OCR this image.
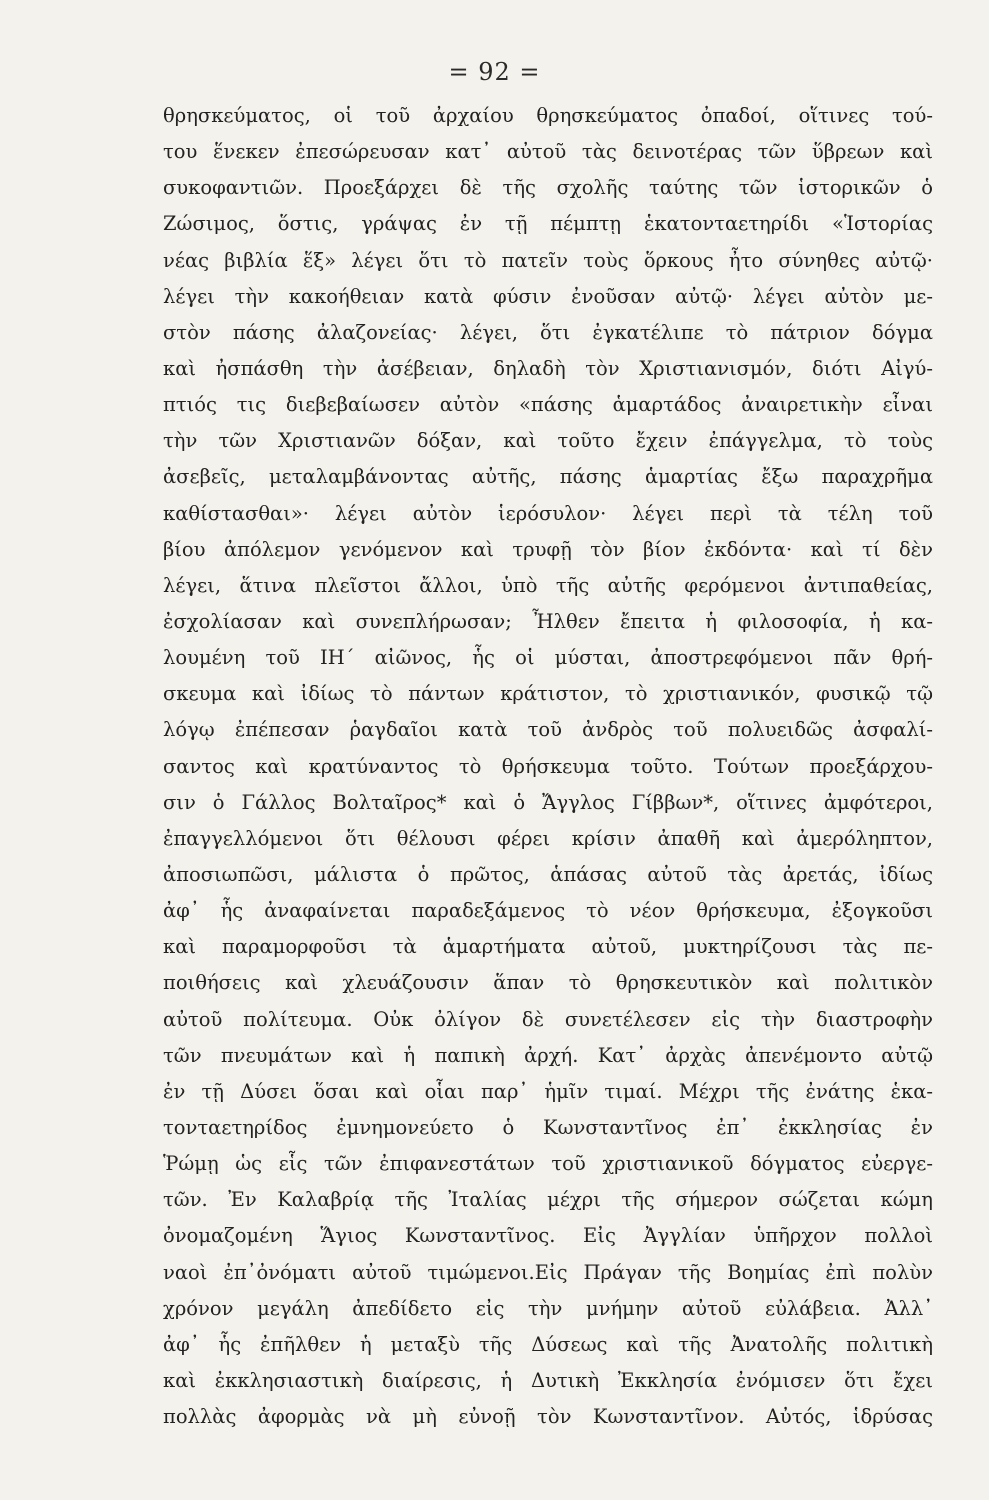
= 92 =
θρησκεύματος, οἱ τοῦ ἀρχαίου θρησκεύματος ὀπαδοί, οἵτινες τού-
του ἕνεκεν ἐπεσώρευσαν κατ᾽ αὐτοῦ τὰς δεινοτέρας τῶν ὕβρεων καὶ
συκοφαντιῶν. Προεξάρχει δὲ τῆς σχολῆς ταύτης τῶν ἱστορικῶν ὁ
Ζώσιμος, ὅστις, γράψας ἐν τῇ πέμπτῃ ἑκατονταετηρίδι «Ἱστορίας
νέας βιβλία ἕξ» λέγει ὅτι τὸ πατεῖν τοὺς ὅρκους ἦτο σύνηθες αὐτῷ·
λέγει τὴν κακοήθειαν κατὰ φύσιν ἐνοῦσαν αὐτῷ· λέγει αὐτὸν με-
στὸν πάσης ἀλαζονείας· λέγει, ὅτι ἐγκατέλιπε τὸ πάτριον δόγμα
καὶ ἠσπάσθη τὴν ἀσέβειαν, δηλαδὴ τὸν Χριστιανισμόν, διότι Αἰγύ-
πτιός τις διεβεβαίωσεν αὐτὸν «πάσης ἁμαρτάδος ἀναιρετικὴν εἶναι
τὴν τῶν Χριστιανῶν δόξαν, καὶ τοῦτο ἔχειν ἐπάγγελμα, τὸ τοὺς
ἀσεβεῖς, μεταλαμβάνοντας αὐτῆς, πάσης ἁμαρτίας ἔξω παραχρῆμα
καθίστασθαι»· λέγει αὐτὸν ἱερόσυλον· λέγει περὶ τὰ τέλη τοῦ
βίου ἀπόλεμον γενόμενον καὶ τρυφῇ τὸν βίον ἐκδόντα· καὶ τί δὲν
λέγει, ἅτινα πλεῖστοι ἄλλοι, ὑπὸ τῆς αὐτῆς φερόμενοι ἀντιπαθείας,
ἐσχολίασαν καὶ συνεπλήρωσαν; Ἦλθεν ἔπειτα ἡ φιλοσοφία, ἡ κα-
λουμένη τοῦ ΙΗ΄ αἰῶνος, ἧς οἱ μύσται, ἀποστρεφόμενοι πᾶν θρή-
σκευμα καὶ ἰδίως τὸ πάντων κράτιστον, τὸ χριστιανικόν, φυσικῷ τῷ
λόγῳ ἐπέπεσαν ῥαγδαῖοι κατὰ τοῦ ἀνδρὸς τοῦ πολυειδῶς ἀσφαλί-
σαντος καὶ κρατύναντος τὸ θρήσκευμα τοῦτο. Τούτων προεξάρχου-
σιν ὁ Γάλλος Βολταῖρος* καὶ ὁ Ἄγγλος Γίββων*, οἵτινες ἀμφότεροι,
ἐπαγγελλόμενοι ὅτι θέλουσι φέρει κρίσιν ἀπαθῆ καὶ ἀμερόληπτον,
ἀποσιωπῶσι, μάλιστα ὁ πρῶτος, ἁπάσας αὐτοῦ τὰς ἀρετάς, ἰδίως
ἀφ᾽ ἧς ἀναφαίνεται παραδεξάμενος τὸ νέον θρήσκευμα, ἐξογκοῦσι
καὶ παραμορφοῦσι τὰ ἁμαρτήματα αὐτοῦ, μυκτηρίζουσι τὰς πε-
ποιθήσεις καὶ χλευάζουσιν ἅπαν τὸ θρησκευτικὸν καὶ πολιτικὸν
αὐτοῦ πολίτευμα. Οὐκ ὀλίγον δὲ συνετέλεσεν εἰς τὴν διαστροφὴν
τῶν πνευμάτων καὶ ἡ παπικὴ ἀρχή. Κατ᾽ ἀρχὰς ἀπενέμοντο αὐτῷ
ἐν τῇ Δύσει ὅσαι καὶ οἷαι παρ᾽ ἡμῖν τιμαί. Μέχρι τῆς ἐνάτης ἑκα-
τονταετηρίδος ἐμνημονεύετο ὁ Κωνσταντῖνος ἐπ᾽ ἐκκλησίας ἐν
Ῥώμῃ ὡς εἷς τῶν ἐπιφανεστάτων τοῦ χριστιανικοῦ δόγματος εὐεργε-
τῶν. Ἐν Καλαβρίᾳ τῆς Ἰταλίας μέχρι τῆς σήμερον σώζεται κώμη
ὀνομαζομένη Ἅγιος Κωνσταντῖνος. Εἰς Ἀγγλίαν ὑπῆρχον πολλοὶ
ναοὶ ἐπ᾽ὀνόματι αὐτοῦ τιμώμενοι.Εἰς Πράγαν τῆς Βοημίας ἐπὶ πολὺν
χρόνον μεγάλη ἀπεδίδετο εἰς τὴν μνήμην αὐτοῦ εὐλάβεια. Ἀλλ᾽
ἀφ᾽ ἧς ἐπῆλθεν ἡ μεταξὺ τῆς Δύσεως καὶ τῆς Ἀνατολῆς πολιτικὴ
καὶ ἐκκλησιαστικὴ διαίρεσις, ἡ Δυτικὴ Ἐκκλησία ἐνόμισεν ὅτι ἔχει
πολλὰς ἀφορμὰς νὰ μὴ εὐνοῇ τὸν Κωνσταντῖνον. Αὐτός, ἱδρύσας
